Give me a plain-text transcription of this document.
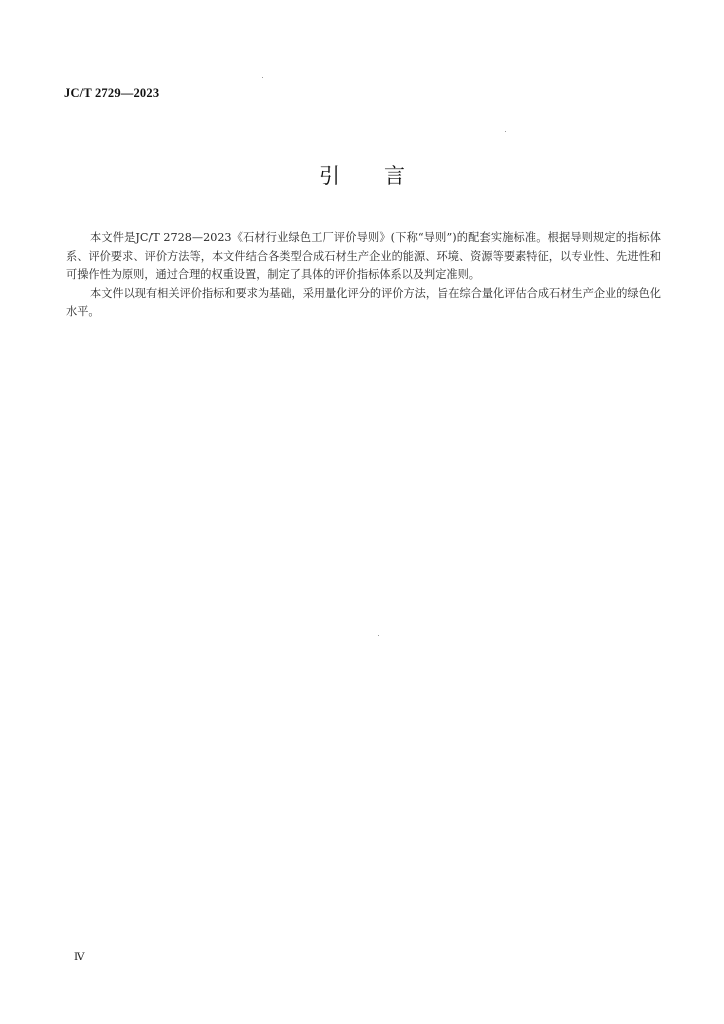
JC/T 2729—2023
引 言

本文件是JC/T 2728—2023《石材行业绿色工厂评价导则》(下称“导则”)的配套实施标准。根据导则规定的指标体系、评价要求、评价方法等，本文件结合各类型合成石材生产企业的能源、环境、资源等要素特征，以专业性、先进性和可操作性为原则，通过合理的权重设置，制定了具体的评价指标体系以及判定准则。

本文件以现有相关评价指标和要求为基础，采用量化评分的评价方法，旨在综合量化评估合成石材生产企业的绿色化水平。

Ⅳ
